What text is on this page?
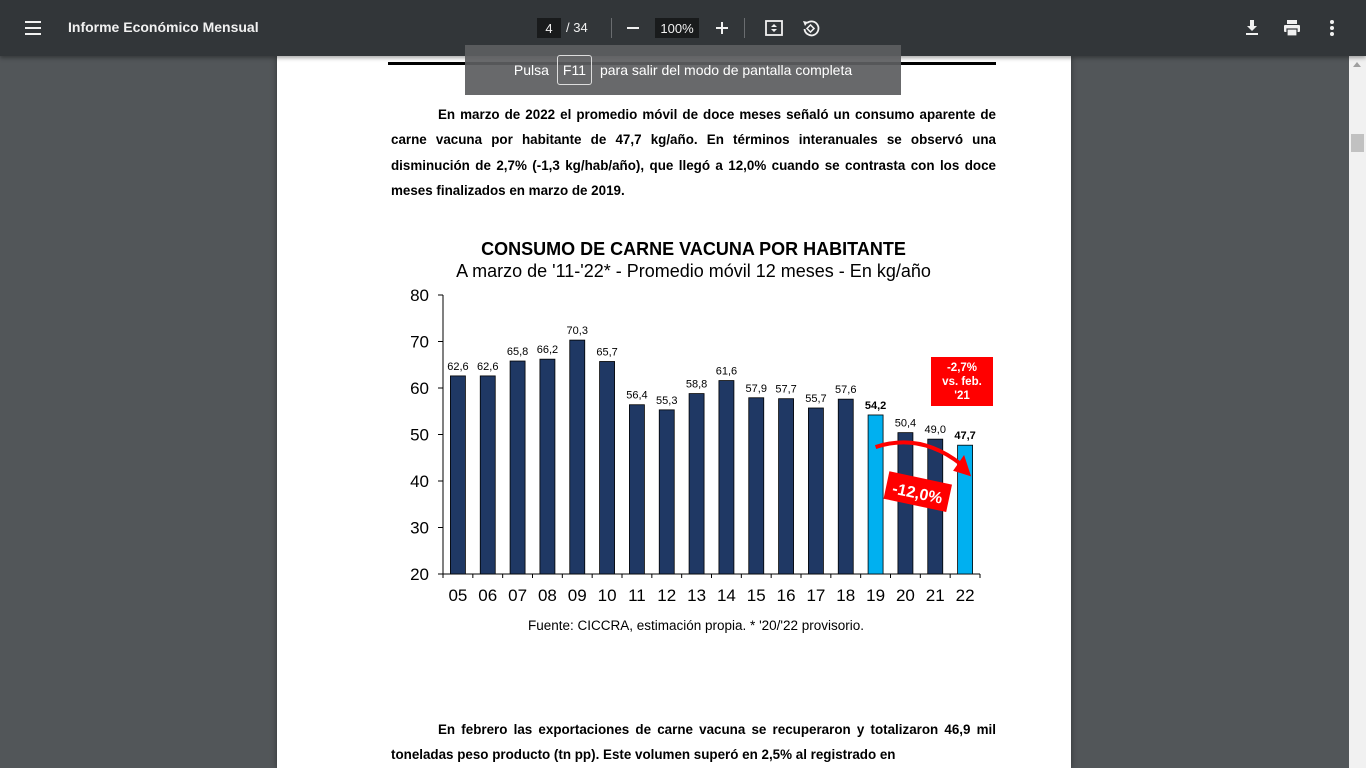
Informe Económico Mensual
4	/ 34
100%

En marzo de 2022 el promedio móvil de doce meses señaló un consumo aparente de carne vacuna por habitante de 47,7 kg/año. En términos interanuales se observó una disminución de 2,7% (-1,3 kg/hab/año), que llegó a 12,0% cuando se contrasta con los doce meses finalizados en marzo de 2019.

CONSUMO DE CARNE VACUNA POR HABITANTE
A marzo de '11-'22* - Promedio móvil 12 meses - En kg/año
20
30
40
50
60
70
80
62,6
05
62,6
06
65,8
07
66,2
08
70,3
09
65,7
10
56,4
11
55,3
12
58,8
13
61,6
14
57,9
15
57,7
16
55,7
17
57,6
18
54,2
19
50,4
20
49,0
21
47,7
22
-2,7%
vs. feb.
'21
-12,0%
Fuente: CICCRA, estimación propia. * '20/'22 provisorio.

En febrero las exportaciones de carne vacuna se recuperaron y totalizaron 46,9 mil toneladas peso producto (tn pp). Este volumen superó en 2,5% al registrado en

Pulsa	F11	para salir del modo de pantalla completa
